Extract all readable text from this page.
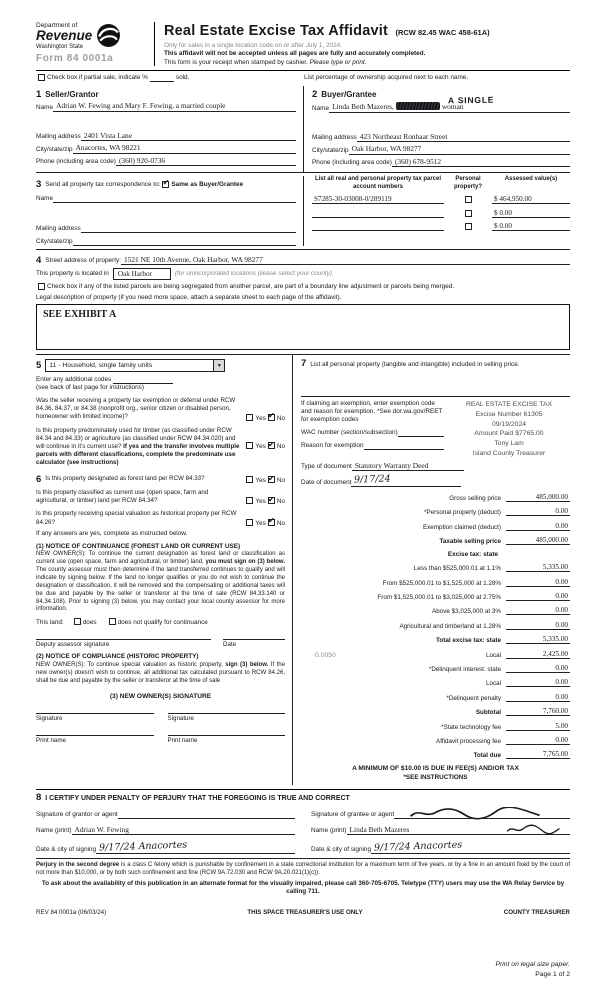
Department of
Revenue
Washington State
Form 84 0001a
Real Estate Excise Tax Affidavit (RCW 82.45 WAC 458-61A)
Only for sales in a single location code on or after July 1, 2024.
This affidavit will not be accepted unless all pages are fully and accurately completed.
This form is your receipt when stamped by cashier. Please type or print.
Check box if partial sale, indicate %	sold.	List percentage of ownership acquired next to each name.
1 Seller/Grantor
Name Adrian W. Fewing and Mary F. Fewing, a married couple
Mailing address 2401 Vista Lane
City/state/zip Anacortes, WA 98221
Phone (including area code) (360) 920-0736
2 Buyer/Grantee	A SINGLE
Name Linda Beth Mazeres,	woman
Mailing address 423 Northeast Ronhaar Street
City/state/zip Oak Harbor, WA 98277
Phone (including area code) (360) 678-9512
3 Send all property tax correspondence to: ✔ Same as Buyer/Grantee
Name
Mailing address
City/state/zip
List all real and personal property tax parcel account numbers
Personal property?
Assessed value(s)
S7285-30-03008-0/289119	$ 464,950.00
$ 0.00
$ 0.00
4 Street address of property: 1521 NE 10th Avenue, Oak Harbor, WA 98277
This property is located in	Oak Harbor	(for unincorporated locations please select your county)
Check box if any of the listed parcels are being segregated from another parcel, are part of a boundary line adjustment or parcels being merged.
Legal description of property (if you need more space, attach a separate sheet to each page of the affidavit).
SEE EXHIBIT A
5	11 - Household, single family units	▼
Enter any additional codes
(see back of last page for instructions)
Was the seller receiving a property tax exemption or deferral under RCW 84.36, 84.37, or 84.38 (nonprofit org., senior citizen or disabled person, homeowner with limited income)?	Yes ✔ No
Is this property predominately used for timber (as classified under RCW 84.34 and 84.33) or agriculture (as classified under RCW 84.34.020) and will continue in it's current use? If yes and the transfer involves multiple parcels with different classifications, complete the predominate use calculator (see instructions)
Yes ✔ No
6 Is this property designated as forest land per RCW 84.33?	Yes ✔ No
Is this property classified as current use (open space, farm and agricultural, or timber) land per RCW 84.34?	Yes ✔ No
Is this property receiving special valuation as historical property per RCW 84.26?	Yes ✔ No
If any answers are yes, complete as instructed below.
(1) NOTICE OF CONTINUANCE (FOREST LAND OR CURRENT USE)
NEW OWNER(S): To continue the current designation as forest land or classification as current use (open space, farm and agricultural, or timber) land, you must sign on (3) below. The county assessor must then determine if the land transferred continues to qualify and will indicate by signing below. If the land no longer qualifies or you do not wish to continue the designation or classification, it will be removed and the compensating or additional taxes will be due and payable by the seller or transferor at the time of sale (RCW 84.33.140 or 84.34.108). Prior to signing (3) below, you may contact your local county assessor for more information.
This land:	does	does not qualify for continuance
Deputy assessor signature	Date
(2) NOTICE OF COMPLIANCE (HISTORIC PROPERTY)
NEW OWNER(S): To continue special valuation as historic property, sign (3) below. If the new owner(s) doesn't wish to continue, all additional tax calculated pursuant to RCW 84.26, shall be due and payable by the seller or transferor at the time of sale
(3) NEW OWNER(S) SIGNATURE
Signature	Signature
Print name	Print name
7 List all personal property (tangible and intangible) included in selling price.
If claiming an exemption, enter exemption code and reason for exemption. *See dor.wa.gov/REET for exemption codes
WAC number (section/subsection)
Reason for exemption
REAL ESTATE EXCISE TAX
Excise Number 61305
09/19/2024
Amount Paid $7765.00
Tony Lam
Island County Treasurer
Type of document Statutory Warranty Deed
Date of document 9/17/24
Gross selling price	485,000.00
*Personal property (deduct)	0.00
Exemption claimed (deduct)	0.00
Taxable selling price	485,000.00
Excise tax: state
Less than $525,000.01 at 1.1%	5,335.00
From $525,000.01 to $1,525,000 at 1.28%	0.00
From $1,525,000.01 to $3,025,000 at 2.75%	0.00
Above $3,025,000 at 3%	0.00
Agricultural and timberland at 1.28%	0.00
Total excise tax: state	5,335.00
0.0050	Local	2,425.00
*Delinquent interest: state	0.00
Local	0.00
*Delinquent penalty	0.00
Subtotal	7,760.00
*State technology fee	5.00
Affidavit processing fee	0.00
Total due	7,765.00
A MINIMUM OF $10.00 IS DUE IN FEE(S) AND/OR TAX
*SEE INSTRUCTIONS
8 I CERTIFY UNDER PENALTY OF PERJURY THAT THE FOREGOING IS TRUE AND CORRECT
Signature of grantor or agent
Name (print) Adrian W. Fewing
Date & city of signing 9/17/24 Anacortes
Signature of grantee or agent
Name (print) Linda Beth Mazeres
Date & city of signing 9/17/24 Anacortes

Perjury in the second degree is a class C felony which is punishable by confinement in a state correctional institution for a maximum term of five years, or by a fine in an amount fixed by the court of not more than $10,000, or by both such confinement and fine (RCW 9A.72.030 and RCW 9A.20.021(1)(c)).

To ask about the availability of this publication in an alternate format for the visually impaired, please call 360-705-6705. Teletype (TTY) users may use the WA Relay Service by calling 711.

REV 84 0001a (06/03/24)	THIS SPACE TREASURER'S USE ONLY	COUNTY TREASURER
Print on legal size paper.
Page 1 of 2
